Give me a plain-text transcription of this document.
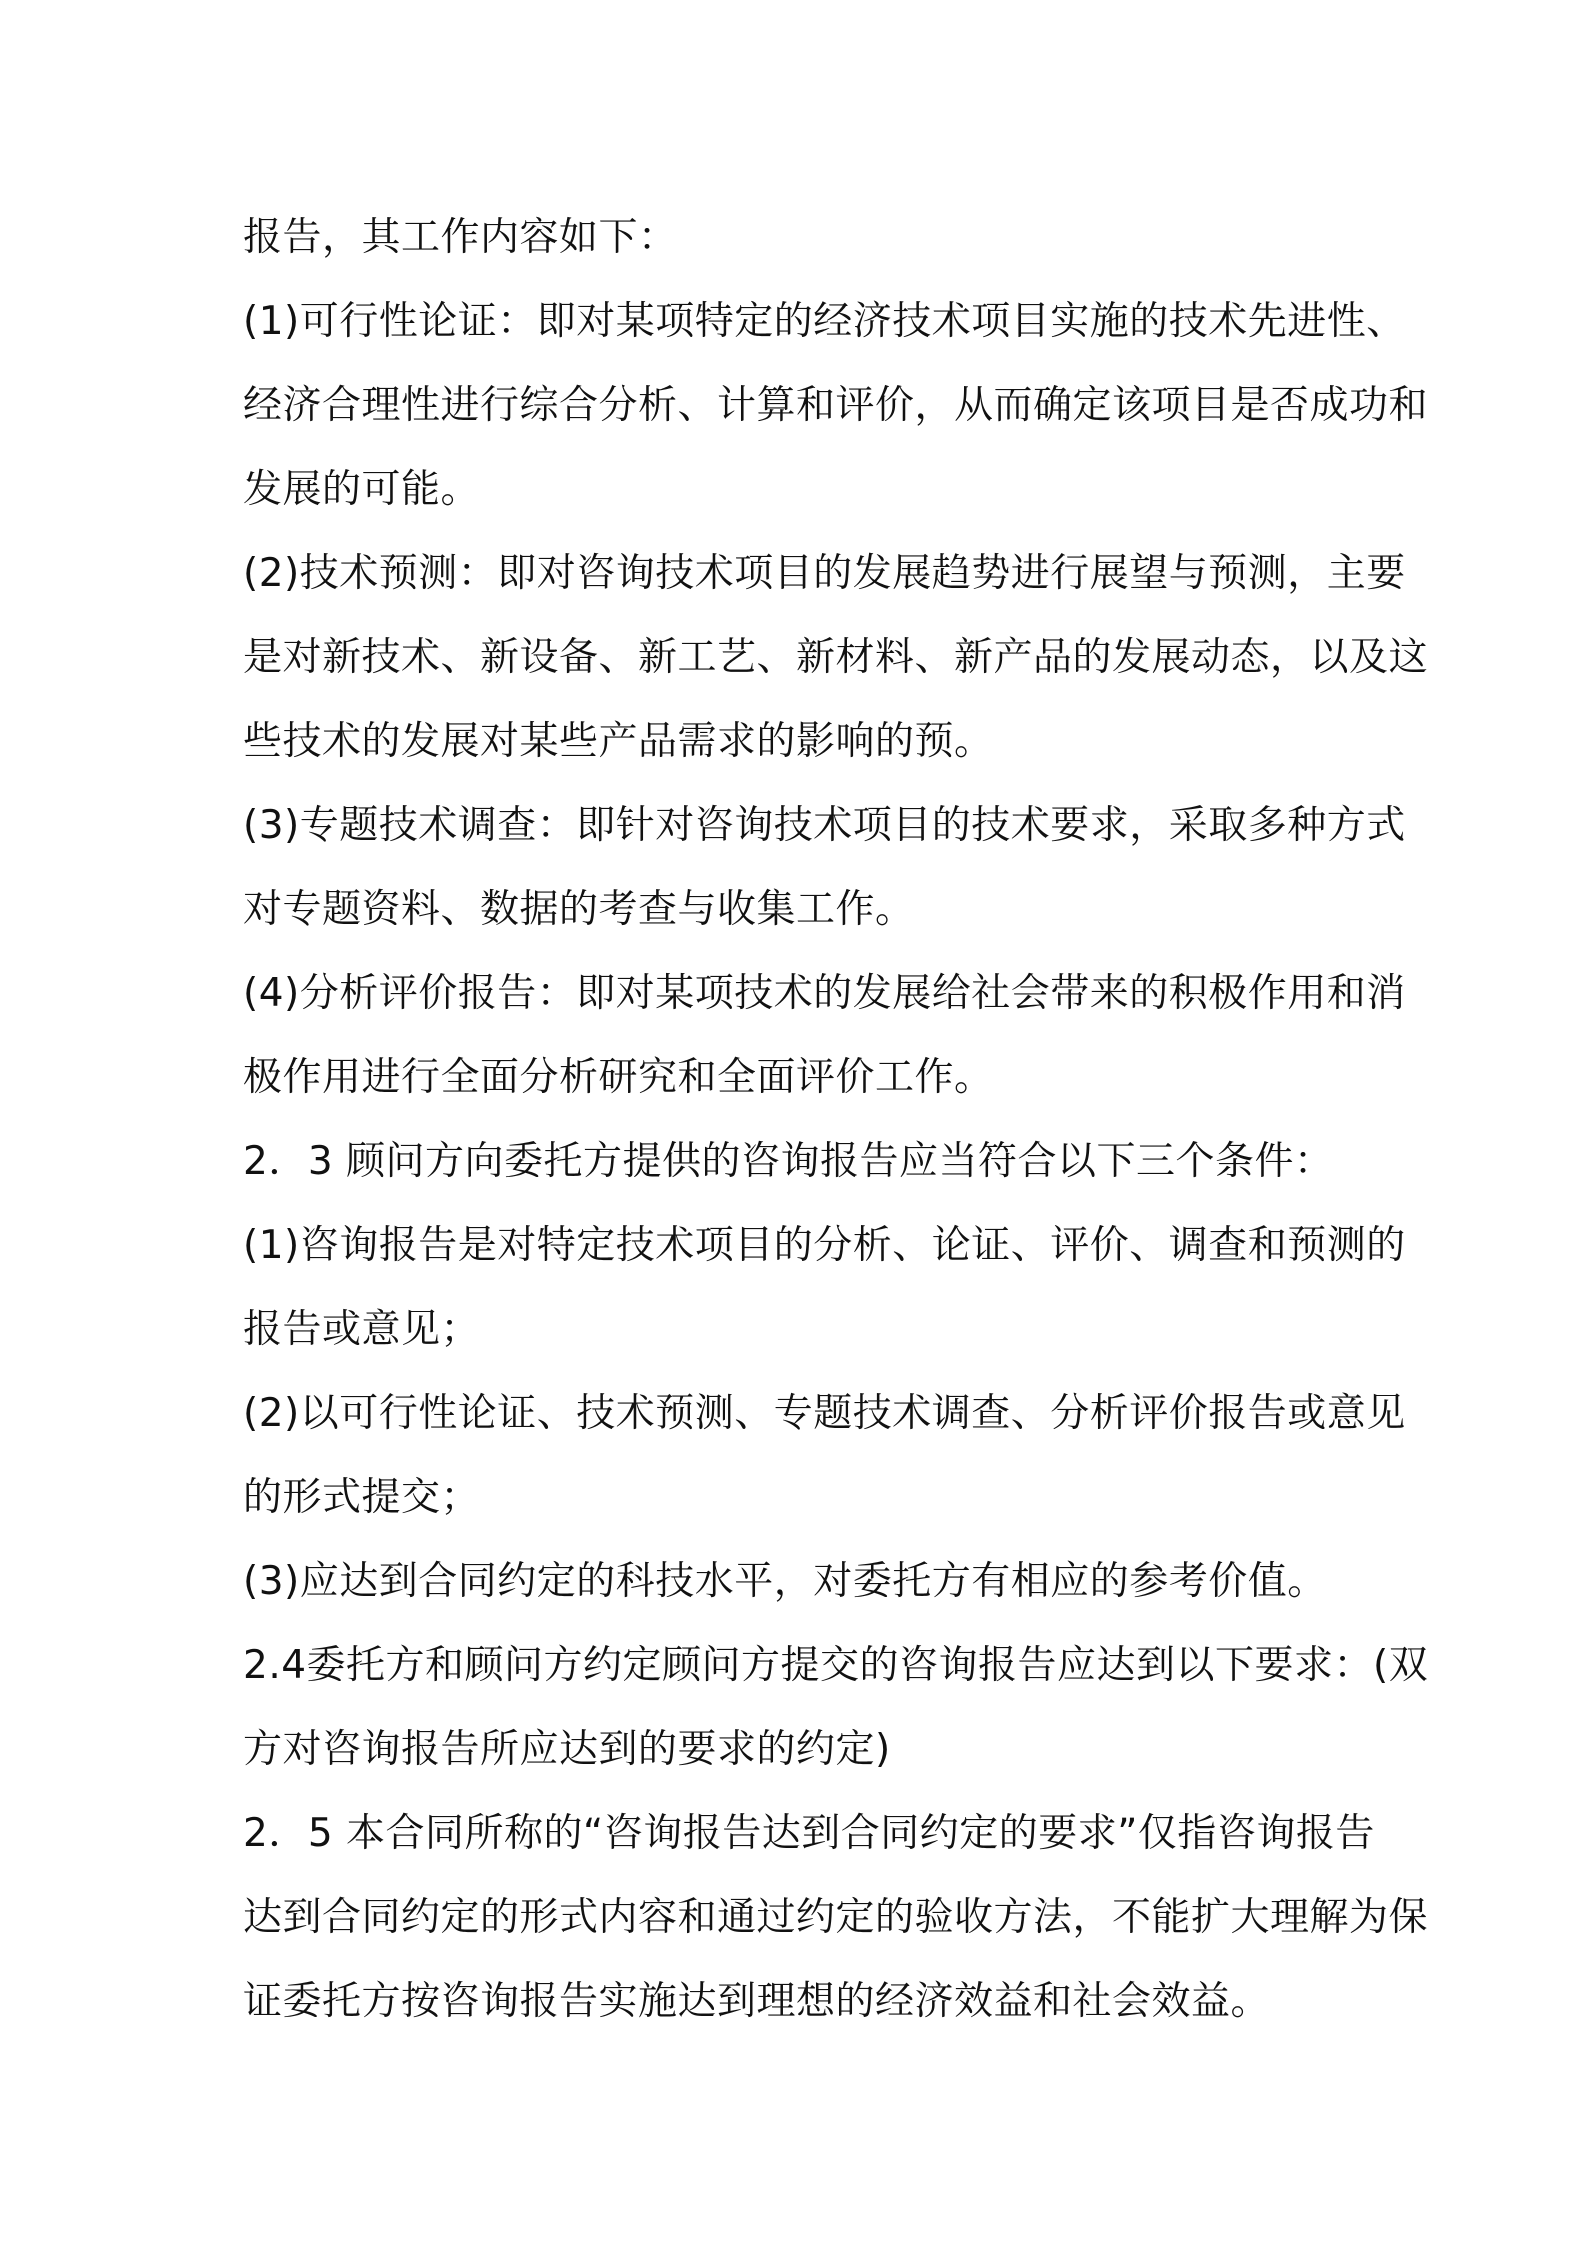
报告，其工作内容如下：
(1)可行性论证：即对某项特定的经济技术项目实施的技术先进性、
经济合理性进行综合分析、计算和评价，从而确定该项目是否成功和
发展的可能。
(2)技术预测：即对咨询技术项目的发展趋势进行展望与预测，主要
是对新技术、新设备、新工艺、新材料、新产品的发展动态，以及这
些技术的发展对某些产品需求的影响的预。
(3)专题技术调查：即针对咨询技术项目的技术要求，采取多种方式
对专题资料、数据的考查与收集工作。
(4)分析评价报告：即对某项技术的发展给社会带来的积极作用和消
极作用进行全面分析研究和全面评价工作。
2．3 顾问方向委托方提供的咨询报告应当符合以下三个条件：
(1)咨询报告是对特定技术项目的分析、论证、评价、调查和预测的
报告或意见；
(2)以可行性论证、技术预测、专题技术调查、分析评价报告或意见
的形式提交；
(3)应达到合同约定的科技水平，对委托方有相应的参考价值。
2.4委托方和顾问方约定顾问方提交的咨询报告应达到以下要求：(双
方对咨询报告所应达到的要求的约定)
2．5 本合同所称的“咨询报告达到合同约定的要求”仅指咨询报告
达到合同约定的形式内容和通过约定的验收方法，不能扩大理解为保
证委托方按咨询报告实施达到理想的经济效益和社会效益。
